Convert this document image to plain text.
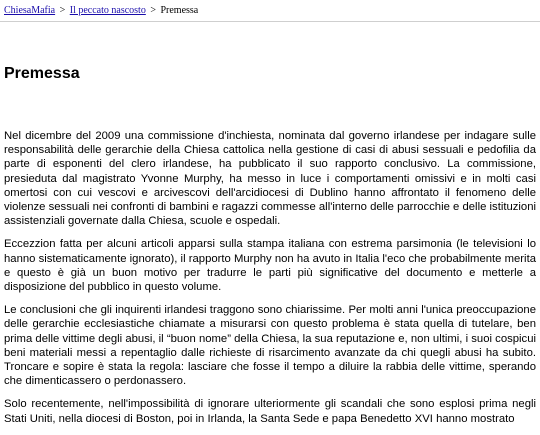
ChiesaMafia > Il peccato nascosto > Premessa
Premessa

Nel dicembre del 2009 una commissione d'inchiesta, nominata dal governo irlandese per indagare sulle responsabilità delle gerarchie della Chiesa cattolica nella gestione di casi di abusi sessuali e pedofilia da parte di esponenti del clero irlandese, ha pubblicato il suo rapporto conclusivo. La commissione, presieduta dal magistrato Yvonne Murphy, ha messo in luce i comportamenti omissivi e in molti casi omertosi con cui vescovi e arcivescovi dell'arcidiocesi di Dublino hanno affrontato il fenomeno delle violenze sessuali nei confronti di bambini e ragazzi commesse all'interno delle parrocchie e delle istituzioni assistenziali governate dalla Chiesa, scuole e ospedali.

Eccezzion fatta per alcuni articoli apparsi sulla stampa italiana con estrema parsimonia (le televisioni lo hanno sistematicamente ignorato), il rapporto Murphy non ha avuto in Italia l'eco che probabilmente merita e questo è già un buon motivo per tradurre le parti più significative del documento e metterle a disposizione del pubblico in questo volume.

Le conclusioni che gli inquirenti irlandesi traggono sono chiarissime. Per molti anni l'unica preoccupazione delle gerarchie ecclesiastiche chiamate a misurarsi con questo problema è stata quella di tutelare, ben prima delle vittime degli abusi, il “buon nome” della Chiesa, la sua reputazione e, non ultimi, i suoi cospicui beni materiali messi a repentaglio dalle richieste di risarcimento avanzate da chi quegli abusi ha subito. Troncare e sopire è stata la regola: lasciare che fosse il tempo a diluire la rabbia delle vittime, sperando che dimenticassero o perdonassero.

Solo recentemente, nell'impossibilità di ignorare ulteriormente gli scandali che sono esplosi prima negli Stati Uniti, nella diocesi di Boston, poi in Irlanda, la Santa Sede e papa Benedetto XVI hanno mostrato
